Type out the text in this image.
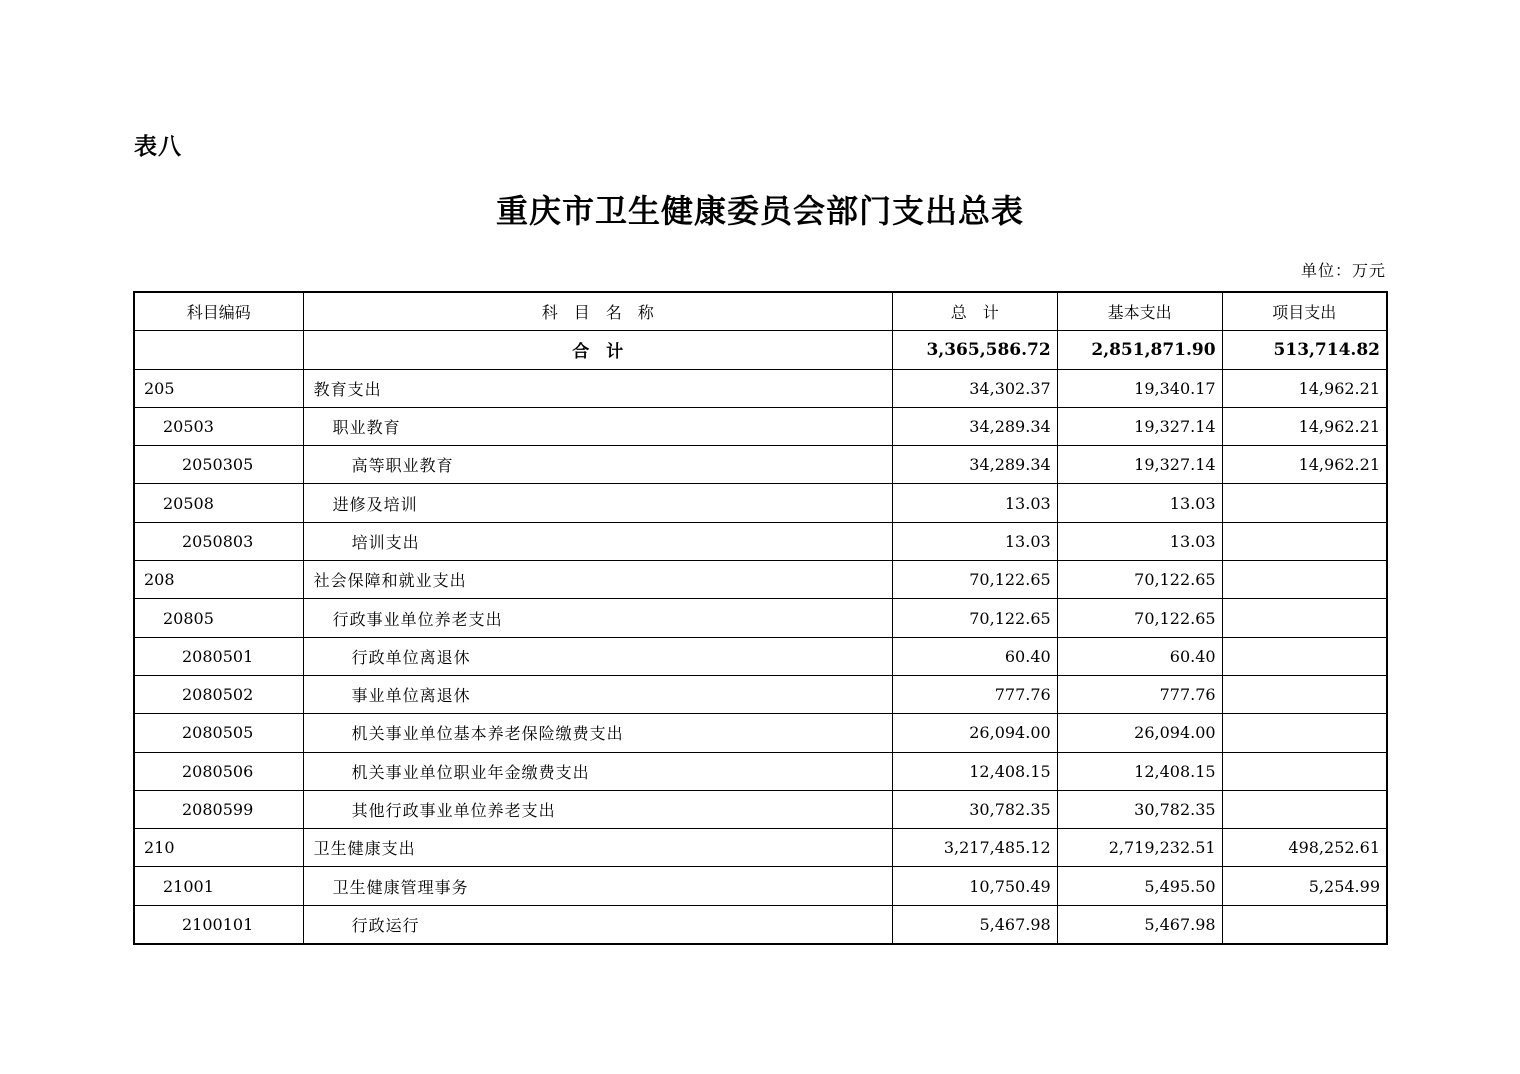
表八
重庆市卫生健康委员会部门支出总表
单位：万元
科目编码	科　目　名　称	总　计	基本支出	项目支出
	合　计	3,365,586.72	2,851,871.90	513,714.82
205	教育支出	34,302.37	19,340.17	14,962.21
20503	职业教育	34,289.34	19,327.14	14,962.21
2050305	高等职业教育	34,289.34	19,327.14	14,962.21
20508	进修及培训	13.03	13.03	
2050803	培训支出	13.03	13.03	
208	社会保障和就业支出	70,122.65	70,122.65	
20805	行政事业单位养老支出	70,122.65	70,122.65	
2080501	行政单位离退休	60.40	60.40	
2080502	事业单位离退休	777.76	777.76	
2080505	机关事业单位基本养老保险缴费支出	26,094.00	26,094.00	
2080506	机关事业单位职业年金缴费支出	12,408.15	12,408.15	
2080599	其他行政事业单位养老支出	30,782.35	30,782.35	
210	卫生健康支出	3,217,485.12	2,719,232.51	498,252.61
21001	卫生健康管理事务	10,750.49	5,495.50	5,254.99
2100101	行政运行	5,467.98	5,467.98	
